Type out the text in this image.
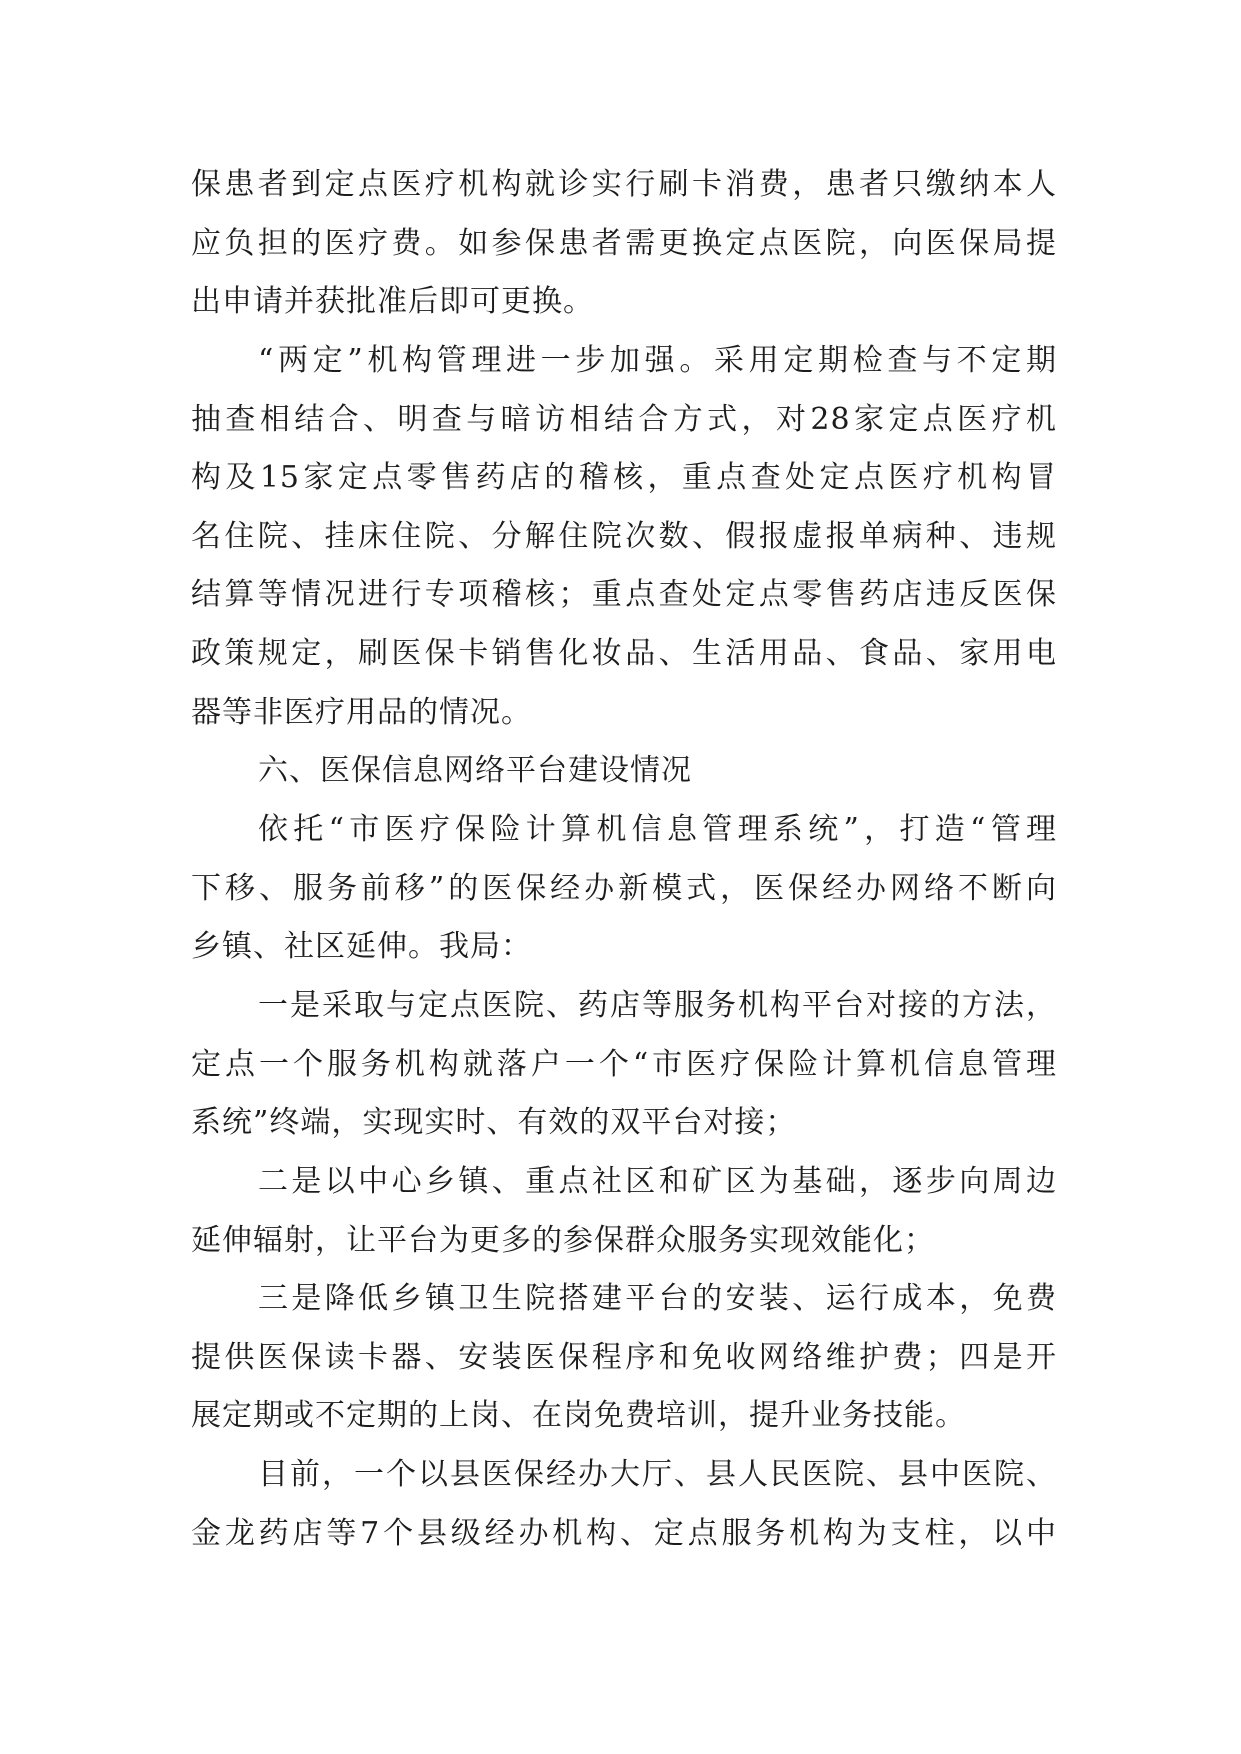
保患者到定点医疗机构就诊实行刷卡消费，患者只缴纳本人
应负担的医疗费。如参保患者需更换定点医院，向医保局提
出申请并获批准后即可更换。
“两定”机构管理进一步加强。采用定期检查与不定期
抽查相结合、明查与暗访相结合方式，对28家定点医疗机
构及15家定点零售药店的稽核，重点查处定点医疗机构冒
名住院、挂床住院、分解住院次数、假报虚报单病种、违规
结算等情况进行专项稽核；重点查处定点零售药店违反医保
政策规定，刷医保卡销售化妆品、生活用品、食品、家用电
器等非医疗用品的情况。
六、医保信息网络平台建设情况
依托“市医疗保险计算机信息管理系统”，打造“管理
下移、服务前移”的医保经办新模式，医保经办网络不断向
乡镇、社区延伸。我局：
一是采取与定点医院、药店等服务机构平台对接的方法，
定点一个服务机构就落户一个“市医疗保险计算机信息管理
系统”终端，实现实时、有效的双平台对接；
二是以中心乡镇、重点社区和矿区为基础，逐步向周边
延伸辐射，让平台为更多的参保群众服务实现效能化；
三是降低乡镇卫生院搭建平台的安装、运行成本，免费
提供医保读卡器、安装医保程序和免收网络维护费；四是开
展定期或不定期的上岗、在岗免费培训，提升业务技能。
目前，一个以县医保经办大厅、县人民医院、县中医院、
金龙药店等7个县级经办机构、定点服务机构为支柱，以中
